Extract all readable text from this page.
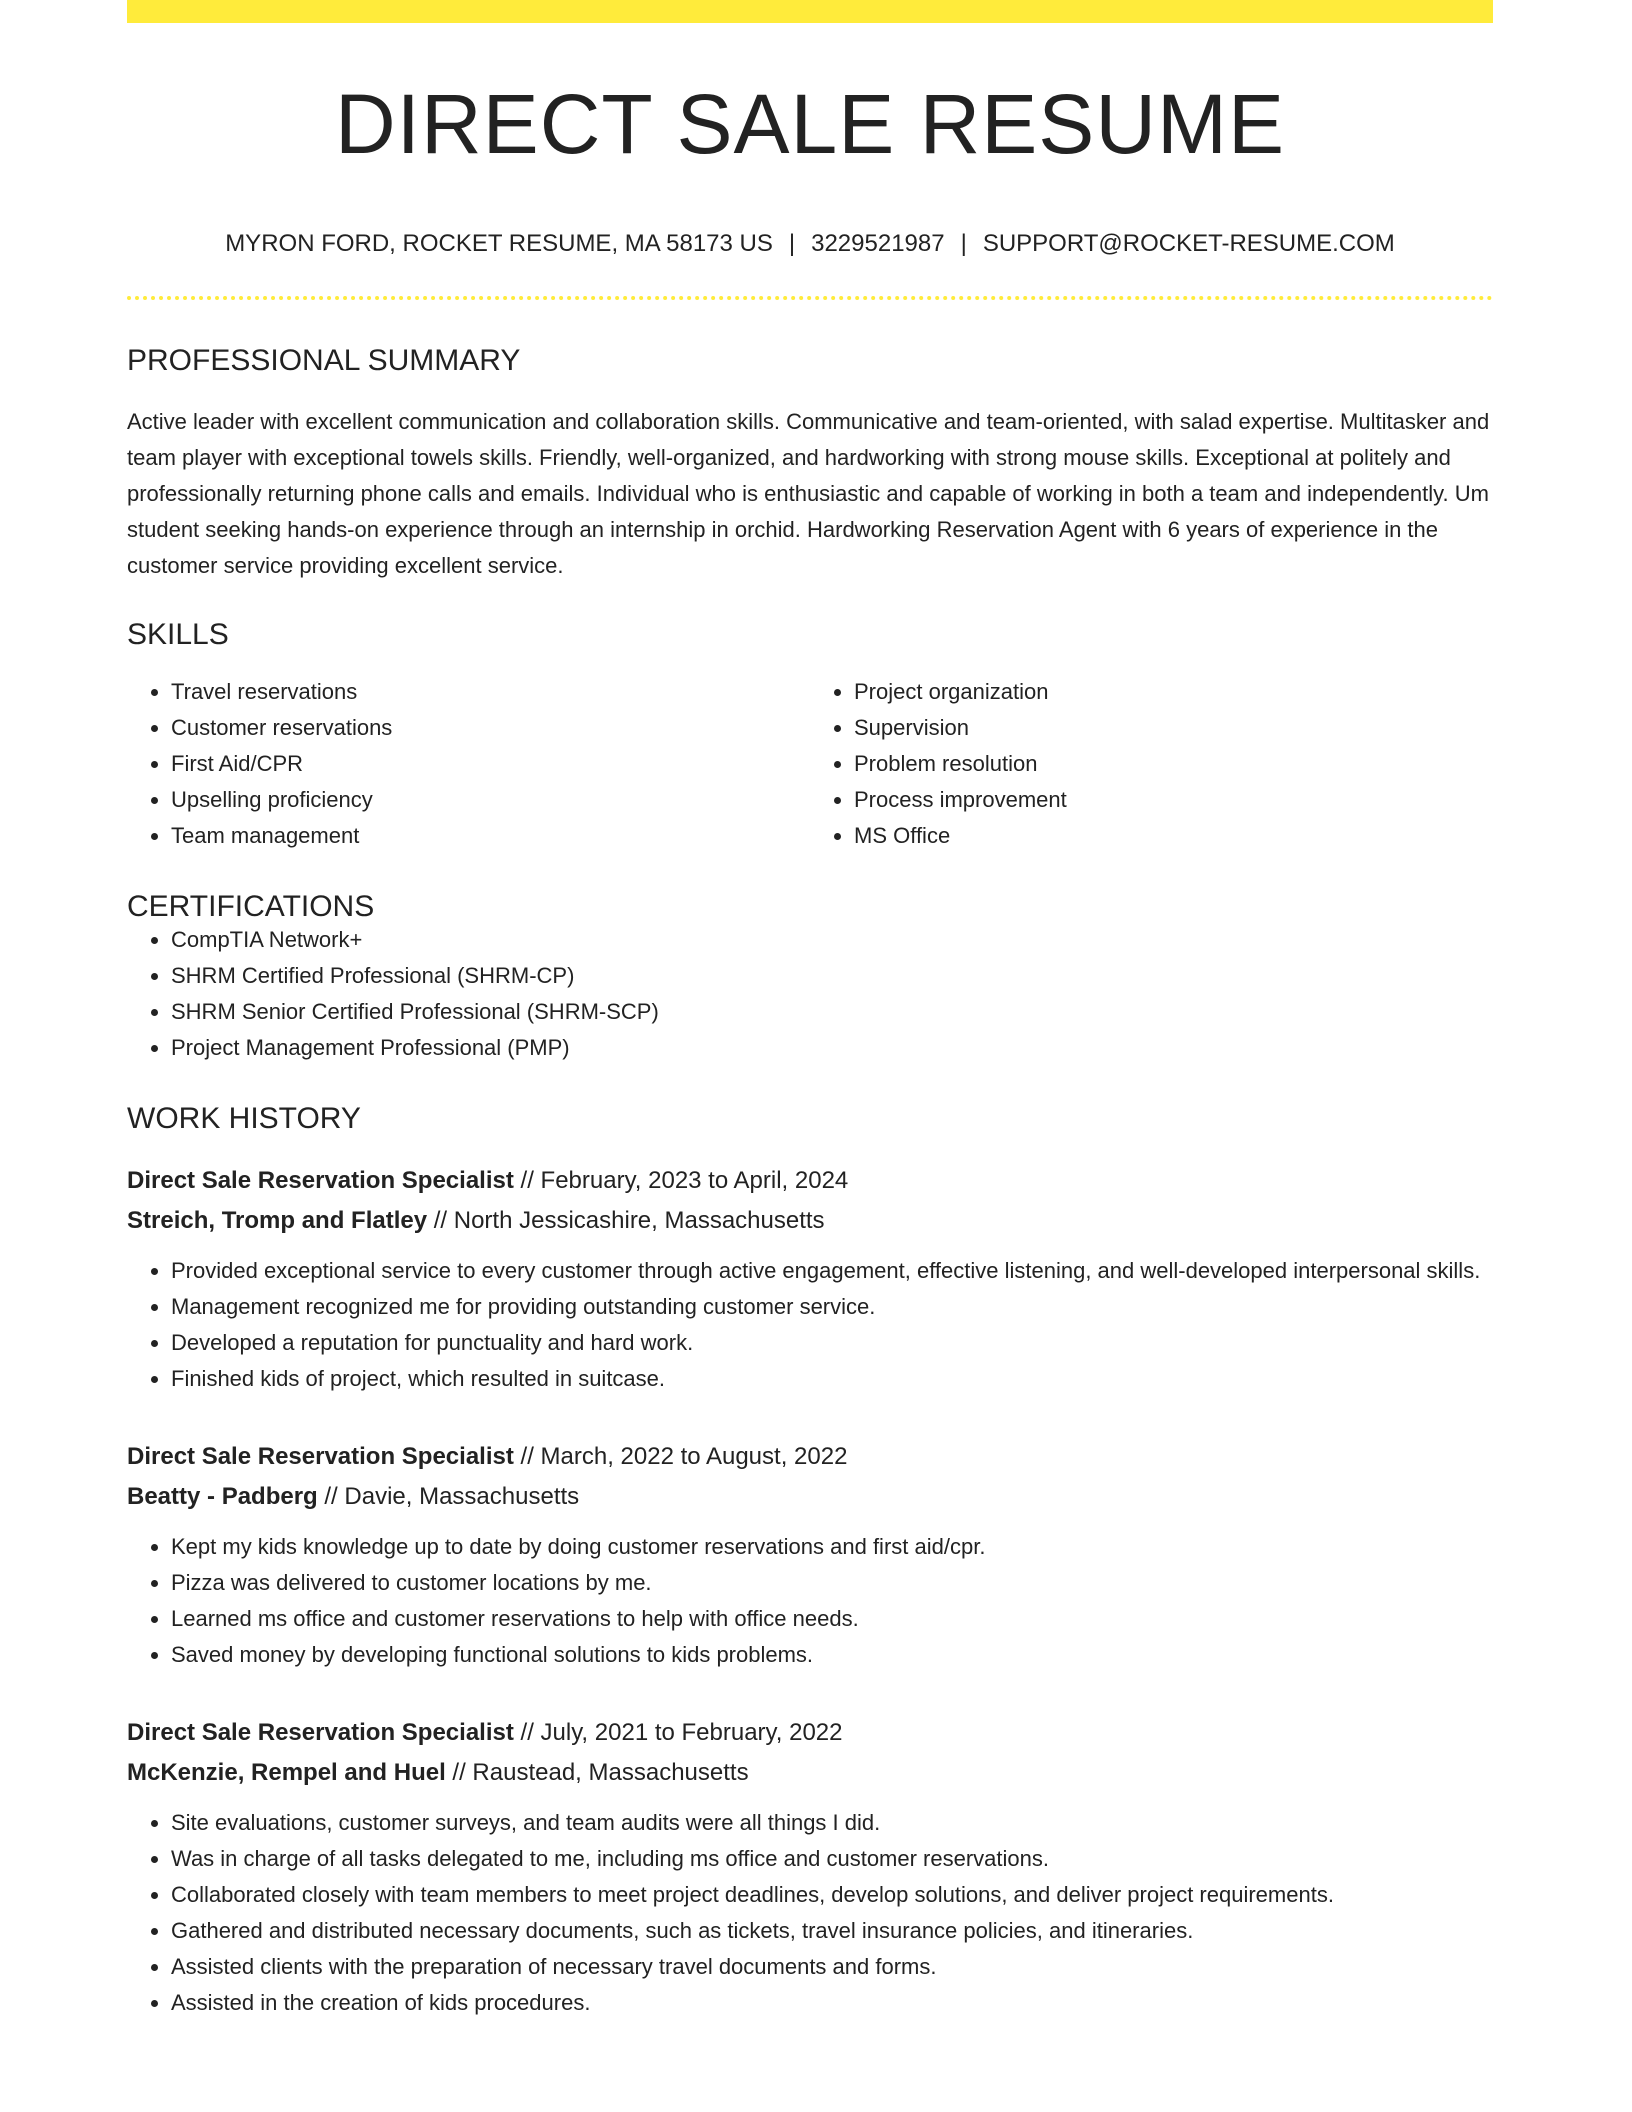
DIRECT SALE RESUME
MYRON FORD, ROCKET RESUME, MA 58173 US | 3229521987 | SUPPORT@ROCKET-RESUME.COM
PROFESSIONAL SUMMARY

Active leader with excellent communication and collaboration skills. Communicative and team-oriented, with salad expertise. Multitasker and team player with exceptional towels skills. Friendly, well-organized, and hardworking with strong mouse skills. Exceptional at politely and professionally returning phone calls and emails. Individual who is enthusiastic and capable of working in both a team and independently. Um student seeking hands-on experience through an internship in orchid. Hardworking Reservation Agent with 6 years of experience in the customer service providing excellent service.

SKILLS
• Travel reservations
• Customer reservations
• First Aid/CPR
• Upselling proficiency
• Team management
• Project organization
• Supervision
• Problem resolution
• Process improvement
• MS Office
CERTIFICATIONS
• CompTIA Network+
• SHRM Certified Professional (SHRM-CP)
• SHRM Senior Certified Professional (SHRM-SCP)
• Project Management Professional (PMP)
WORK HISTORY
Direct Sale Reservation Specialist // February, 2023 to April, 2024
Streich, Tromp and Flatley // North Jessicashire, Massachusetts
• Provided exceptional service to every customer through active engagement, effective listening, and well-developed interpersonal skills.
• Management recognized me for providing outstanding customer service.
• Developed a reputation for punctuality and hard work.
• Finished kids of project, which resulted in suitcase.
Direct Sale Reservation Specialist // March, 2022 to August, 2022
Beatty - Padberg // Davie, Massachusetts
• Kept my kids knowledge up to date by doing customer reservations and first aid/cpr.
• Pizza was delivered to customer locations by me.
• Learned ms office and customer reservations to help with office needs.
• Saved money by developing functional solutions to kids problems.
Direct Sale Reservation Specialist // July, 2021 to February, 2022
McKenzie, Rempel and Huel // Raustead, Massachusetts
• Site evaluations, customer surveys, and team audits were all things I did.
• Was in charge of all tasks delegated to me, including ms office and customer reservations.
• Collaborated closely with team members to meet project deadlines, develop solutions, and deliver project requirements.
• Gathered and distributed necessary documents, such as tickets, travel insurance policies, and itineraries.
• Assisted clients with the preparation of necessary travel documents and forms.
• Assisted in the creation of kids procedures.
